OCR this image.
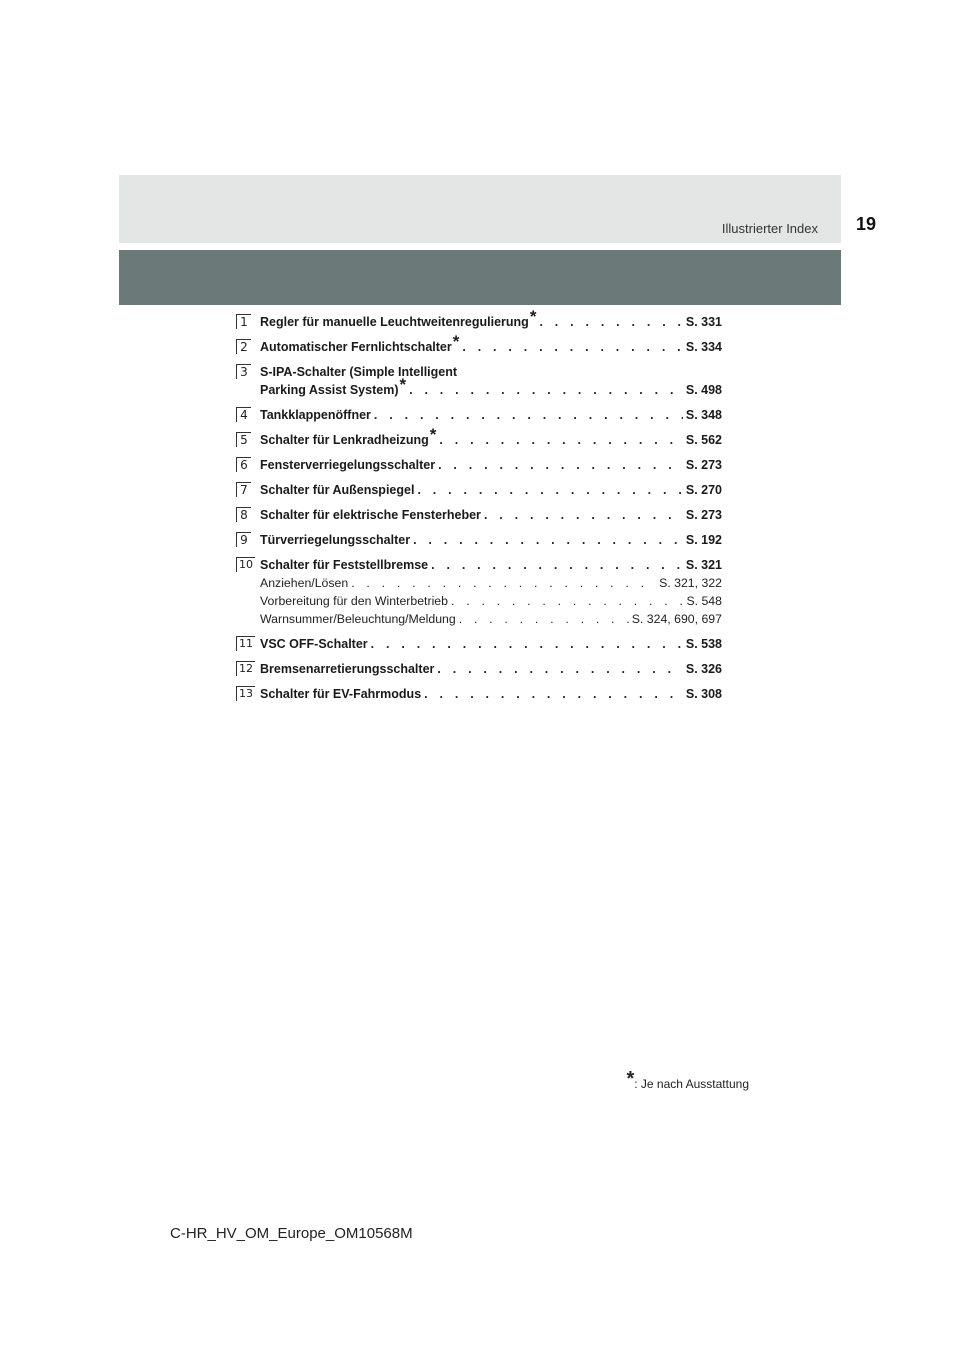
Illustrierter Index 19
1 Regler für manuelle Leuchtweitenregulierung * . . .	S. 331
2 Automatischer Fernlichtschalter * . . .	S. 334
3 S-IPA-Schalter (Simple Intelligent
Parking Assist System) * . . .	S. 498
4 Tankklappenöffner . . .	S. 348
5 Schalter für Lenkradheizung * . . .	S. 562
6 Fensterverriegelungsschalter . . .	S. 273
7 Schalter für Außenspiegel . . .	S. 270
8 Schalter für elektrische Fensterheber . . .	S. 273
9 Türverriegelungsschalter . . .	S. 192
10 Schalter für Feststellbremse . . .	S. 321
Anziehen/Lösen . . .	S. 321, 322
Vorbereitung für den Winterbetrieb . . .	S. 548
Warnsummer/Beleuchtung/Meldung . . .	S. 324, 690, 697
11 VSC OFF-Schalter . . .	S. 538
12 Bremsenarretierungsschalter . . .	S. 326
13 Schalter für EV-Fahrmodus . . .	S. 308
*: Je nach Ausstattung
C-HR_HV_OM_Europe_OM10568M
